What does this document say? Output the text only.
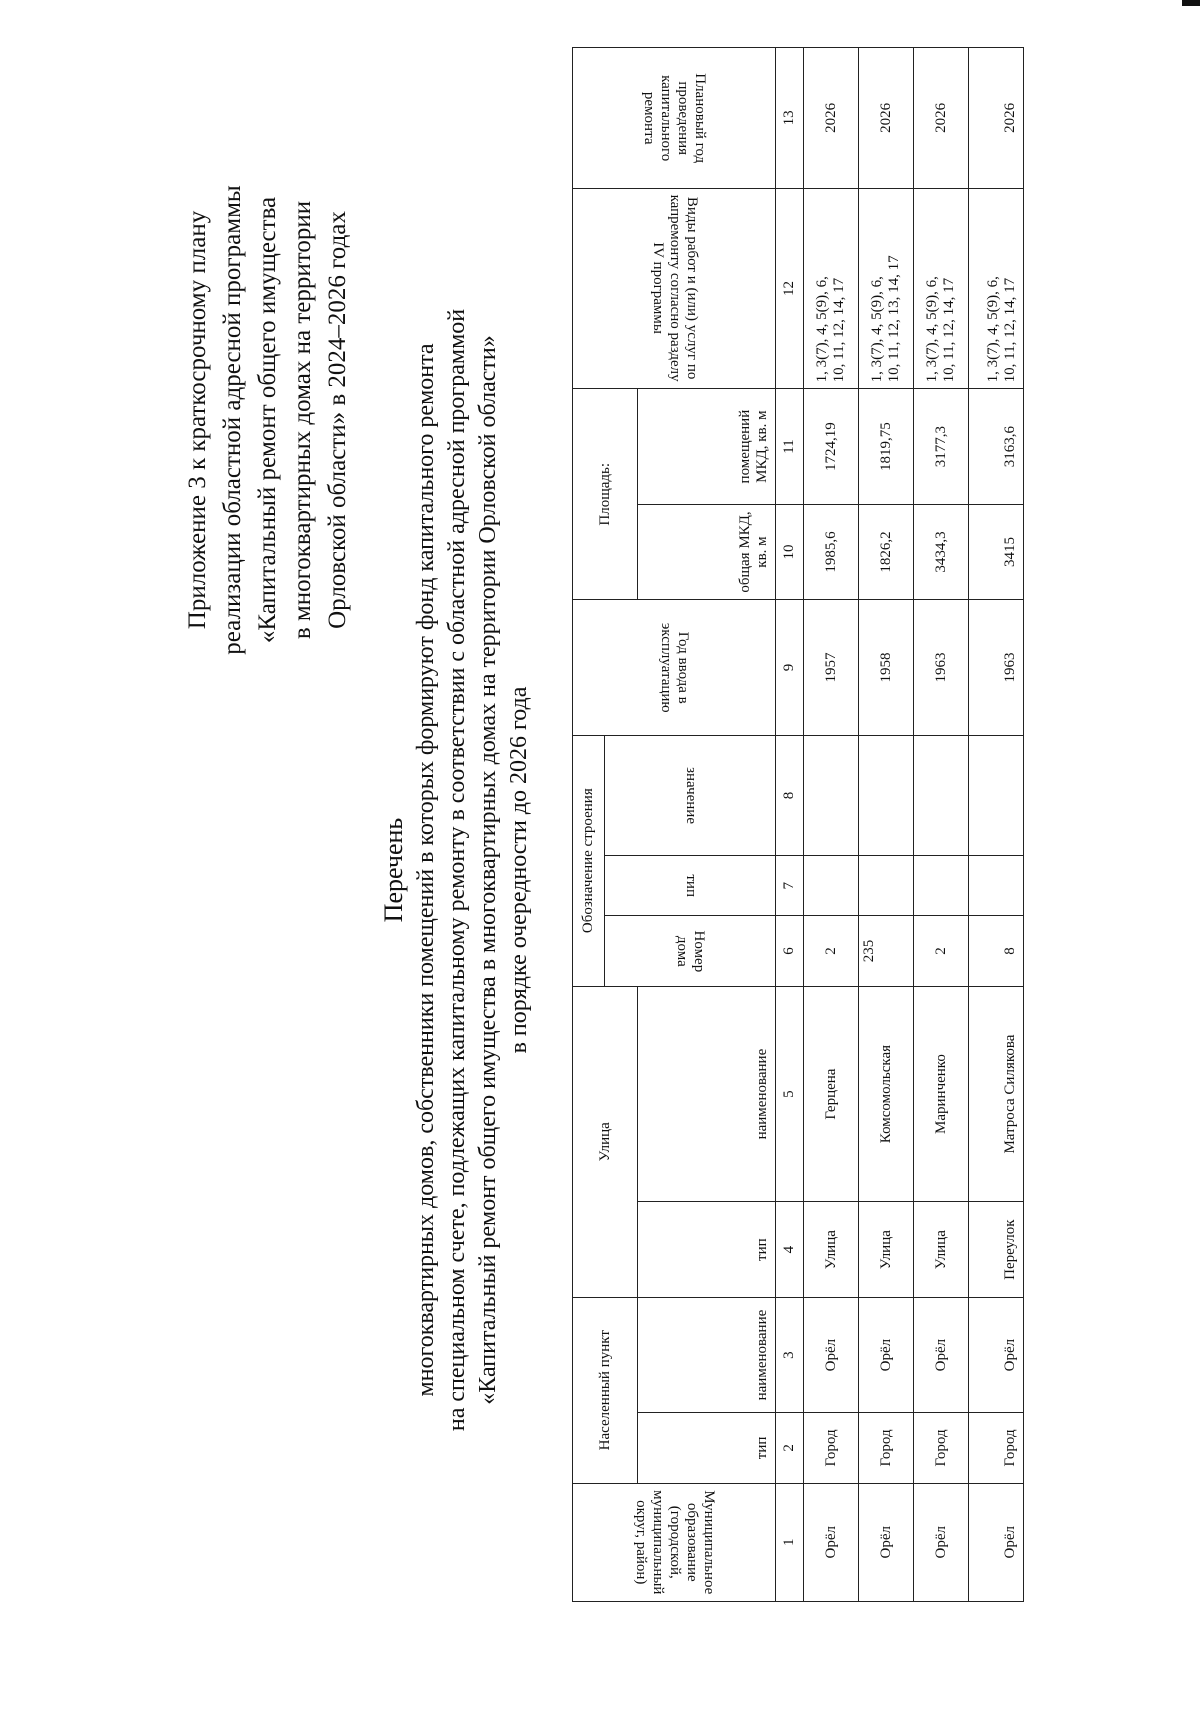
Приложение 3 к краткосрочному плану реализации областной адресной программы «Капитальный ремонт общего имущества в многоквартирных домах на территории Орловской области» в 2024–2026 годах
Перечень многоквартирных домов, собственники помещений в которых формируют фонд капитального ремонта на специальном счете, подлежащих капитальному ремонту в соответствии с областной адресной программой «Капитальный ремонт общего имущества в многоквартирных домах на территории Орловской области» в порядке очередности до 2026 года
Муниципальное образование (городской, муниципальный округ, район)	Населенный пункт		Улица		Обозначение строения			Год ввода в эксплуатацию	Площадь:		Виды работ и (или) услуг по капремонту согласно разделу IV программы	Плановый год проведения капитального ремонта
					Номер дома	тип	значение					
	тип	наименование	тип	наименование					общая МКД, кв. м	помещений МКД, кв. м		
1	2	3	4	5	6	7	8	9	10	11	12	13
Орёл	Город	Орёл	Улица	Герцена	2			1957	1985,6	1724,19	1, 3(7), 4, 5(9), 6, 10, 11, 12, 14, 17	2026
Орёл	Город	Орёл	Улица	Комсомольская	235			1958	1826,2	1819,75	1, 3(7), 4, 5(9), 6, 10, 11, 12, 13, 14, 17	2026
Орёл	Город	Орёл	Улица	Маринченко	2			1963	3434,3	3177,3	1, 3(7), 4, 5(9), 6, 10, 11, 12, 14, 17	2026
Орёл	Город	Орёл	Переулок	Матроса Силякова	8			1963	3415	3163,6	1, 3(7), 4, 5(9), 6, 10, 11, 12, 14, 17	2026
